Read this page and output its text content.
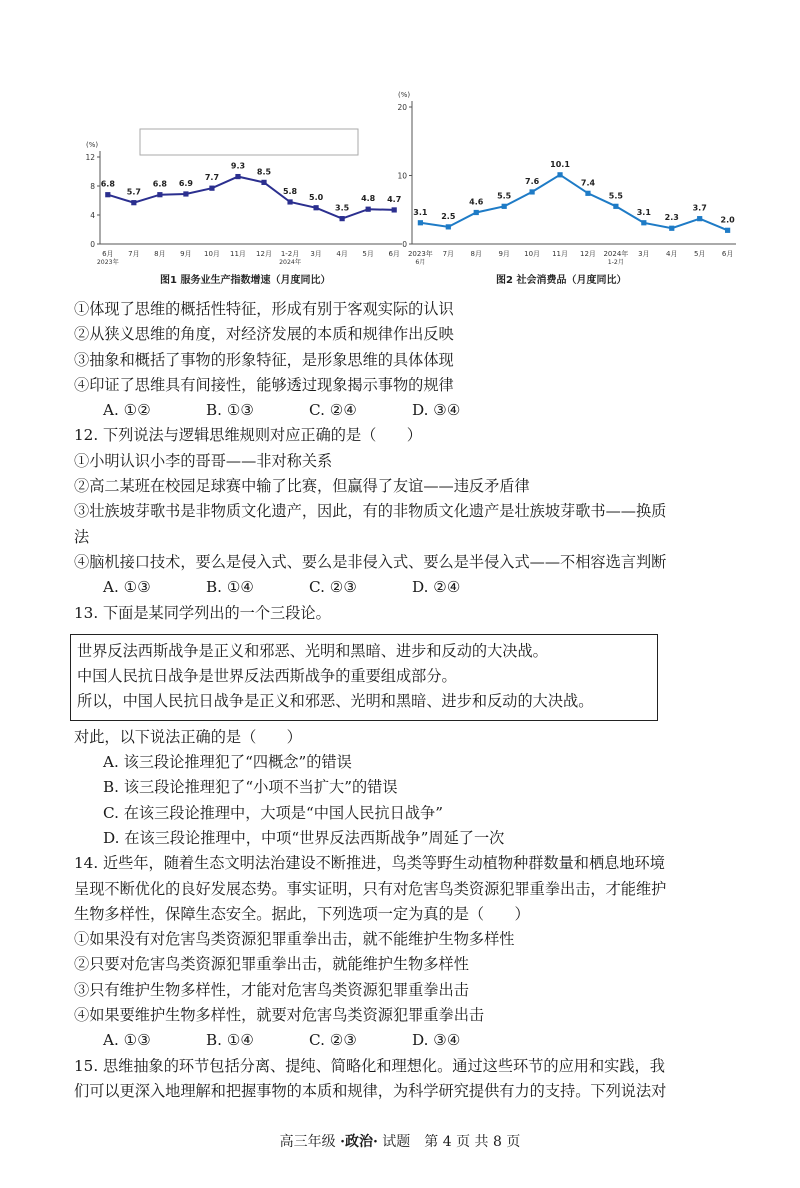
(%)
0
4
8
12
6.8
5.7
6.8 6.9
7.7
9.3
8.5
5.8
5.0
3.5
4.8 4.7
6月
2023年
7月 8月 9月 10月 11月 12月 1-2月
2024年
3月 4月 5月 6月
图1 服务业生产指数增速（月度同比）
(%)
0
10
20
3.1 2.5
4.6
5.5
7.6
10.1
7.4
5.5
3.1
2.3
3.7
2.0
2023年
6月
7月 8月 9月 10月 11月 12月 2024年
1-2月
3月 4月 5月 6月
图2 社会消费品（月度同比）
①体现了思维的概括性特征，形成有别于客观实际的认识
②从狭义思维的角度，对经济发展的本质和规律作出反映
③抽象和概括了事物的形象特征，是形象思维的具体体现
④印证了思维具有间接性，能够透过现象揭示事物的规律
A. ①②	B. ①③	C. ②④	D. ③④
12. 下列说法与逻辑思维规则对应正确的是（　　）
①小明认识小李的哥哥——非对称关系
②高二某班在校园足球赛中输了比赛，但赢得了友谊——违反矛盾律
③壮族坡芽歌书是非物质文化遗产，因此，有的非物质文化遗产是壮族坡芽歌书——换质
法
④脑机接口技术，要么是侵入式、要么是非侵入式、要么是半侵入式——不相容选言判断
A. ①③	B. ①④	C. ②③	D. ②④
13. 下面是某同学列出的一个三段论。
世界反法西斯战争是正义和邪恶、光明和黑暗、进步和反动的大决战。
中国人民抗日战争是世界反法西斯战争的重要组成部分。
所以，中国人民抗日战争是正义和邪恶、光明和黑暗、进步和反动的大决战。
对此，以下说法正确的是（　　）
A. 该三段论推理犯了“四概念”的错误
B. 该三段论推理犯了“小项不当扩大”的错误
C. 在该三段论推理中，大项是“中国人民抗日战争”
D. 在该三段论推理中，中项“世界反法西斯战争”周延了一次
14. 近些年，随着生态文明法治建设不断推进，鸟类等野生动植物种群数量和栖息地环境
呈现不断优化的良好发展态势。事实证明，只有对危害鸟类资源犯罪重拳出击，才能维护
生物多样性，保障生态安全。据此，下列选项一定为真的是（　　）
①如果没有对危害鸟类资源犯罪重拳出击，就不能维护生物多样性
②只要对危害鸟类资源犯罪重拳出击，就能维护生物多样性
③只有维护生物多样性，才能对危害鸟类资源犯罪重拳出击
④如果要维护生物多样性，就要对危害鸟类资源犯罪重拳出击
A. ①③	B. ①④	C. ②③	D. ③④
15. 思维抽象的环节包括分离、提纯、简略化和理想化。通过这些环节的应用和实践，我
们可以更深入地理解和把握事物的本质和规律，为科学研究提供有力的支持。下列说法对
高三年级 ·政治· 试题　第 4 页 共 8 页
